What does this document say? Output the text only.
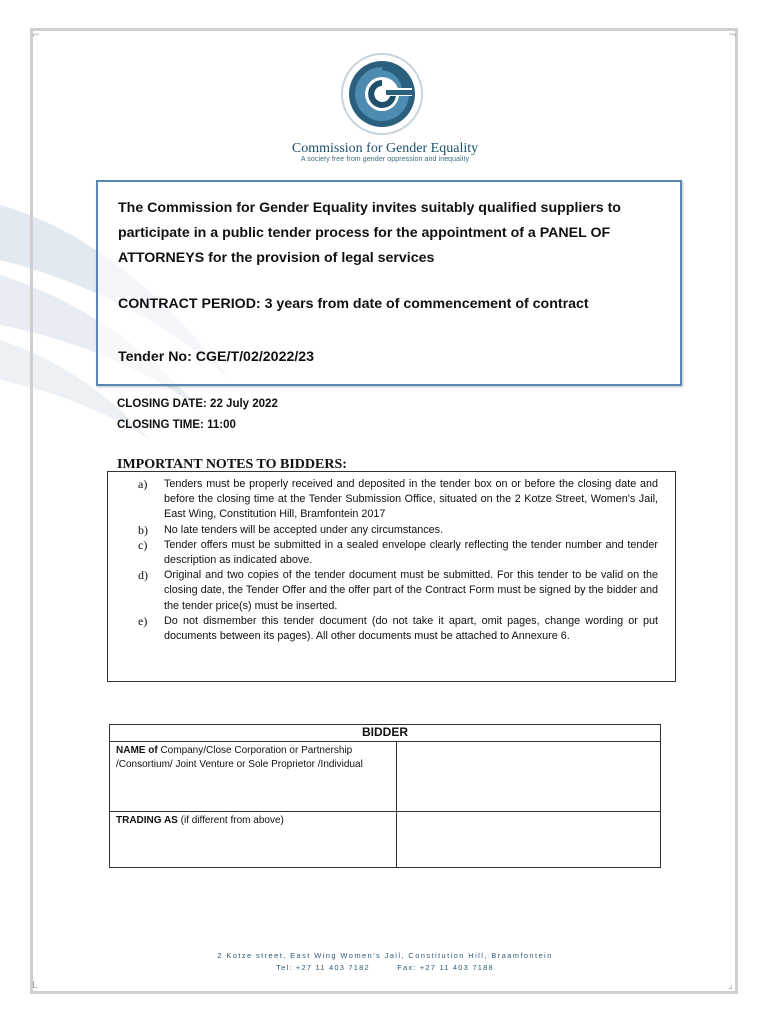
⌐	¬
L	⌟
Commission for Gender Equality
A society free from gender oppression and inequality
The Commission for Gender Equality invites suitably qualified suppliers to participate in a public tender process for the appointment of a PANEL OF ATTORNEYS for the provision of legal services
CONTRACT PERIOD: 3 years from date of commencement of contract
Tender No: CGE/T/02/2022/23
CLOSING DATE: 22 July 2022
CLOSING TIME: 11:00
IMPORTANT NOTES TO BIDDERS:
a) Tenders must be properly received and deposited in the tender box on or before the closing date and before the closing time at the Tender Submission Office, situated on the 2 Kotze Street, Women's Jail, East Wing, Constitution Hill, Bramfontein 2017
b) No late tenders will be accepted under any circumstances.
c) Tender offers must be submitted in a sealed envelope clearly reflecting the tender number and tender description as indicated above.
d) Original and two copies of the tender document must be submitted. For this tender to be valid on the closing date, the Tender Offer and the offer part of the Contract Form must be signed by the bidder and the tender price(s) must be inserted.
e) Do not dismember this tender document (do not take it apart, omit pages, change wording or put documents between its pages). All other documents must be attached to Annexure 6.
BIDDER	
NAME of Company/Close Corporation or Partnership /Consortium/ Joint Venture or Sole Proprietor /Individual	
TRADING AS (if different from above)	
2 Kotze street, East Wing Women's Jail, Constitution Hill, Braamfontein
Tel: +27 11 403 7182	Fax: +27 11 403 7188
